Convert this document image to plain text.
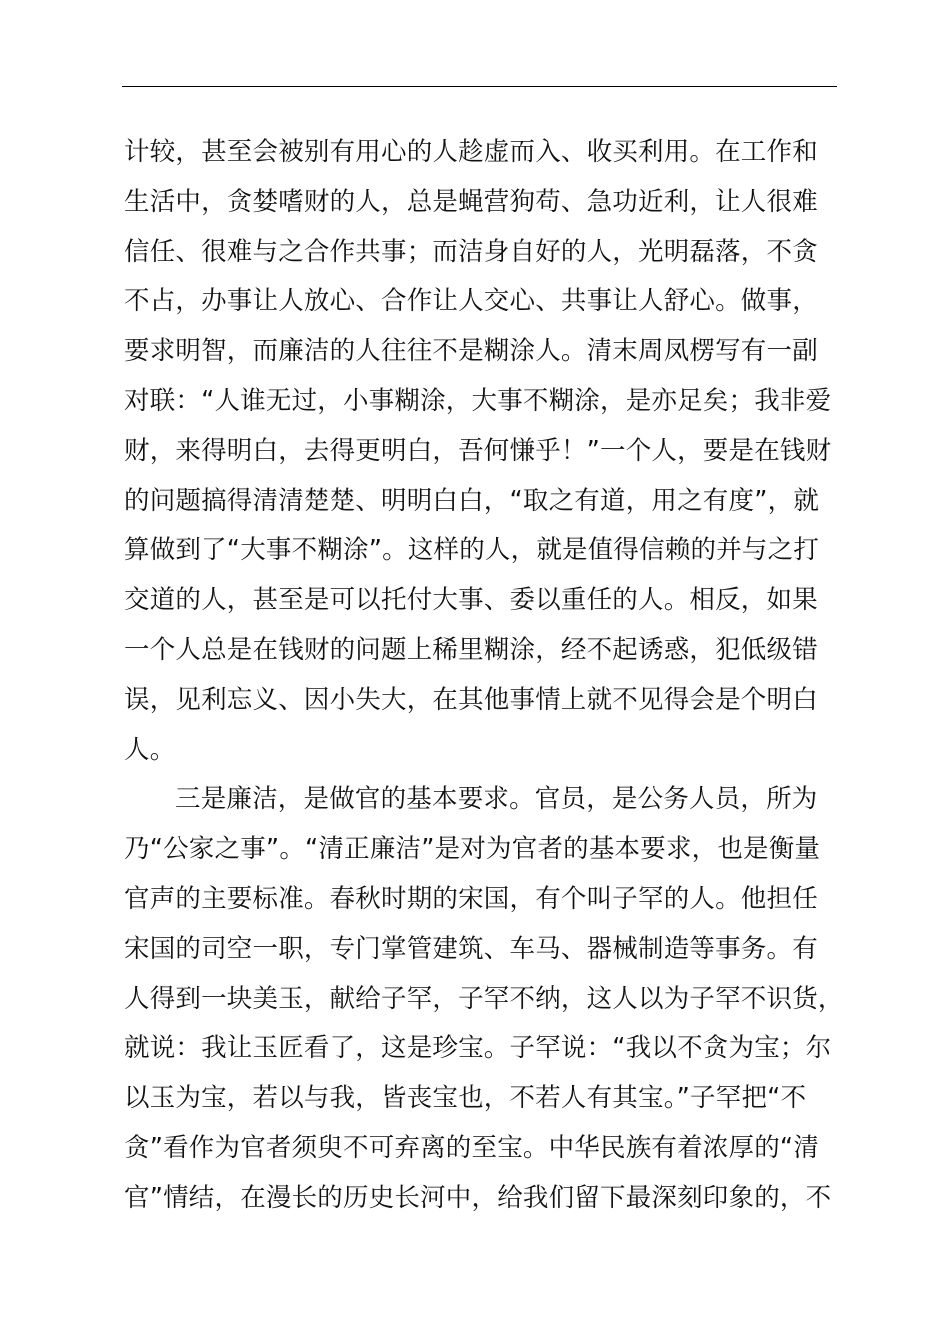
计较，甚至会被别有用心的人趁虚而入、收买利用。在工作和
生活中，贪婪嗜财的人，总是蝇营狗苟、急功近利，让人很难
信任、很难与之合作共事；而洁身自好的人，光明磊落，不贪
不占，办事让人放心、合作让人交心、共事让人舒心。做事，
要求明智，而廉洁的人往往不是糊涂人。清末周凤楞写有一副
对联：“人谁无过，小事糊涂，大事不糊涂，是亦足矣；我非爱
财，来得明白，去得更明白，吾何慊乎！”一个人，要是在钱财
的问题搞得清清楚楚、明明白白，“取之有道，用之有度”，就
算做到了“大事不糊涂”。这样的人，就是值得信赖的并与之打
交道的人，甚至是可以托付大事、委以重任的人。相反，如果
一个人总是在钱财的问题上稀里糊涂，经不起诱惑，犯低级错
误，见利忘义、因小失大，在其他事情上就不见得会是个明白
人。
三是廉洁，是做官的基本要求。官员，是公务人员，所为
乃“公家之事”。“清正廉洁”是对为官者的基本要求，也是衡量
官声的主要标准。春秋时期的宋国，有个叫子罕的人。他担任
宋国的司空一职，专门掌管建筑、车马、器械制造等事务。有
人得到一块美玉，献给子罕，子罕不纳，这人以为子罕不识货，
就说：我让玉匠看了，这是珍宝。子罕说：“我以不贪为宝；尔
以玉为宝，若以与我，皆丧宝也，不若人有其宝。”子罕把“不
贪”看作为官者须臾不可弃离的至宝。中华民族有着浓厚的“清
官”情结，在漫长的历史长河中，给我们留下最深刻印象的，不
